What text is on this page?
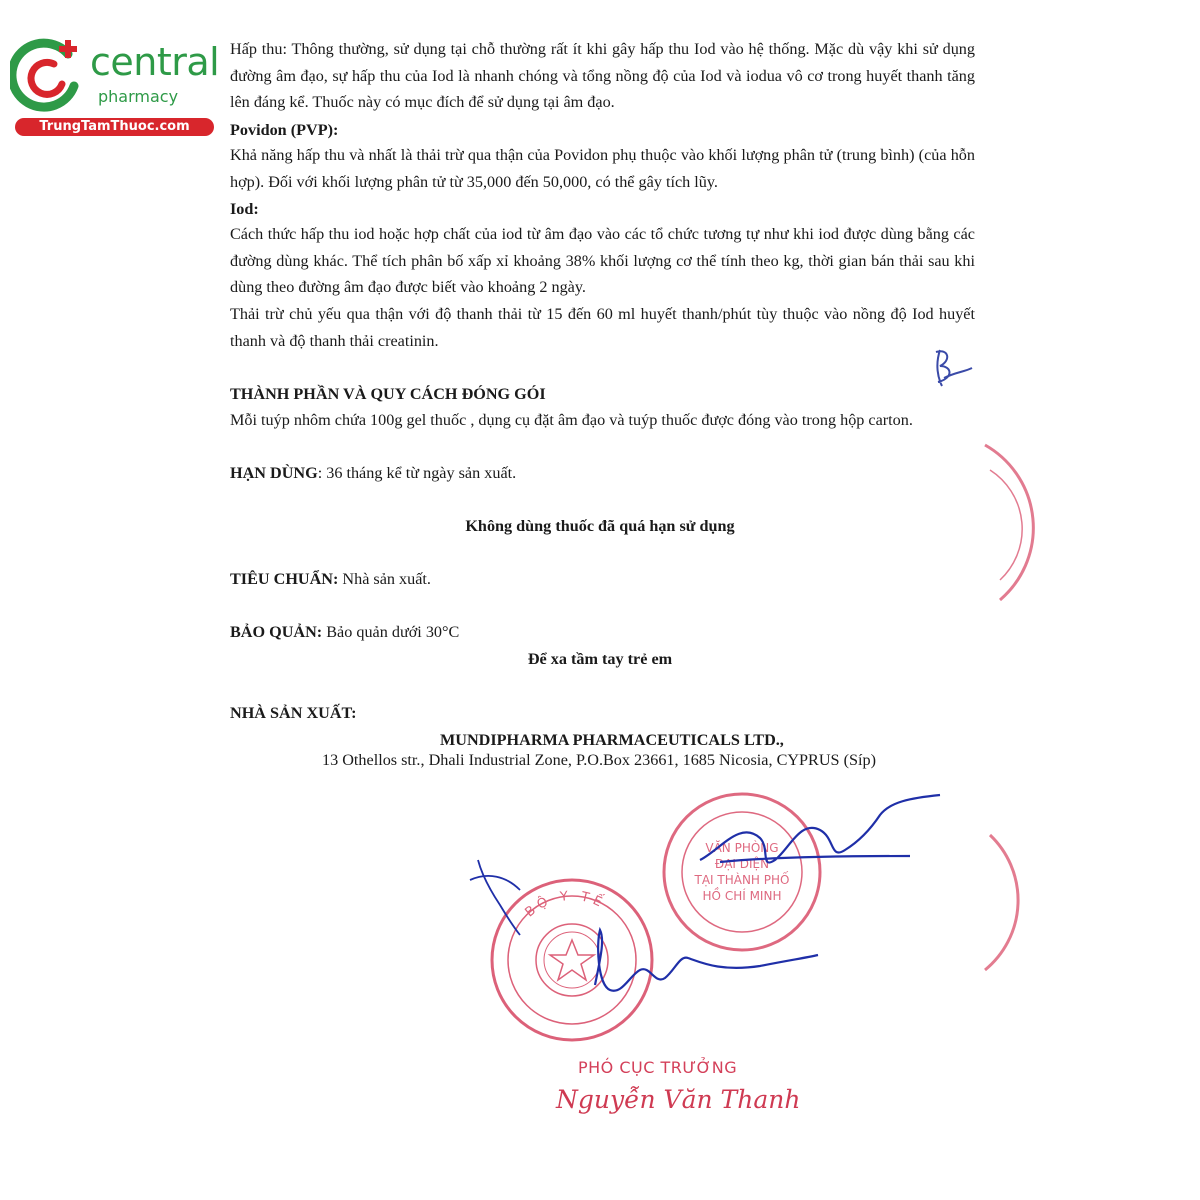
central
pharmacy
TrungTamThuoc.com

Hấp thu: Thông thường, sử dụng tại chỗ thường rất ít khi gây hấp thu Iod vào hệ thống. Mặc dù vậy khi sử dụng đường âm đạo, sự hấp thu của Iod là nhanh chóng và tổng nồng độ của Iod và iodua vô cơ trong huyết thanh tăng lên đáng kể. Thuốc này có mục đích để sử dụng tại âm đạo.

Povidon (PVP):

Khả năng hấp thu và nhất là thải trừ qua thận của Povidon phụ thuộc vào khối lượng phân tử (trung bình) (của hỗn hợp). Đối với khối lượng phân tử từ 35,000 đến 50,000, có thể gây tích lũy.

Iod:

Cách thức hấp thu iod hoặc hợp chất của iod từ âm đạo vào các tổ chức tương tự như khi iod được dùng bằng các đường dùng khác. Thể tích phân bố xấp xỉ khoảng 38% khối lượng cơ thể tính theo kg, thời gian bán thải sau khi dùng theo đường âm đạo được biết vào khoảng 2 ngày.

Thải trừ chủ yếu qua thận với độ thanh thải từ 15 đến 60 ml huyết thanh/phút tùy thuộc vào nồng độ Iod huyết thanh và độ thanh thải creatinin.

THÀNH PHẦN VÀ QUY CÁCH ĐÓNG GÓI

Mỗi tuýp nhôm chứa 100g gel thuốc , dụng cụ đặt âm đạo và tuýp thuốc được đóng vào trong hộp carton.

HẠN DÙNG: 36 tháng kể từ ngày sản xuất.

Không dùng thuốc đã quá hạn sử dụng

TIÊU CHUẨN: Nhà sản xuất.

BẢO QUẢN: Bảo quản dưới 30°C

Để xa tầm tay trẻ em

NHÀ SẢN XUẤT:

MUNDIPHARMA PHARMACEUTICALS LTD.,

13 Othellos str., Dhali Industrial Zone, P.O.Box 23661, 1685 Nicosia, CYPRUS (Síp)

BỘ Y TẾ
VĂN PHÒNG
ĐẠI DIỆN
TẠI THÀNH PHỐ
HỒ CHÍ MINH
PHÓ CỤC TRƯỞNG
Nguyễn Văn Thanh
